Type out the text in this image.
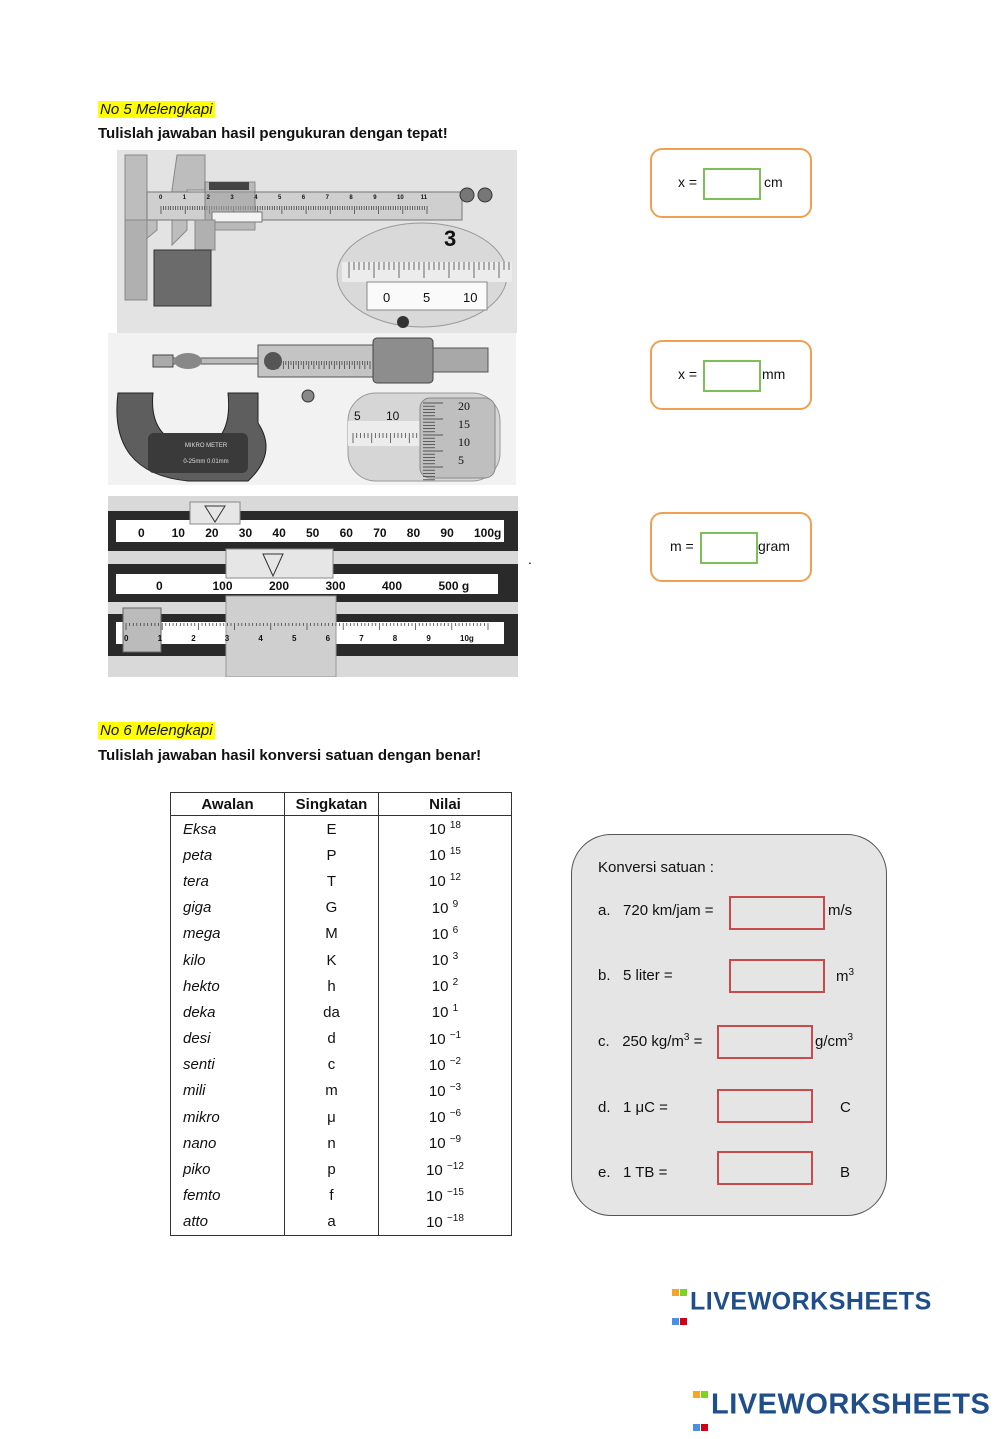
No 5 Melengkapi
Tulislah jawaban hasil pengukuran dengan tepat!
3
0	1	2	3	4	5	6	7	8	9	10	11
0	5	10
MIKRO METER
0-25mm 0.01mm
5 10
20
15
10
5
0 10 20 30 40 50 60 70 80 90 100g
0	100	200	300	400	500 g
0	1	2	3	4	5	6	7	8	9	10g
.
x =	cm
x =	mm
m =	gram
No 6 Melengkapi
Tulislah jawaban hasil konversi satuan dengan benar!
Awalan	Singkatan	Nilai
Eksa	E	10 $^{18}$
peta	P	10 $^{15}$
tera	T	10 $^{12}$
giga	G	10 $^9$
mega	M	10 $^6$
kilo	K	10 $^3$
hekto	h	10 $^2$
deka	da	10 $^1$
desi	d	10 $^{-1}$
senti	c	10 $^{-2}$
mili	m	10 $^{-3}$
mikro	μ	10 $^{-6}$
nano	n	10 $^{-9}$
piko	p	10 $^{-12}$
femto	f	10 $^{-15}$
atto	a	10 $^{-18}$
Konversi satuan :
a. 720 km/jam =	m/s
b. 5 liter =	$m^3$
c. 250 $kg/m^3$ =	$g/cm^3$
d. 1 μC =	C
e. 1 TB =	B

LIVEWORKSHEETS

LIVEWORKSHEETS
